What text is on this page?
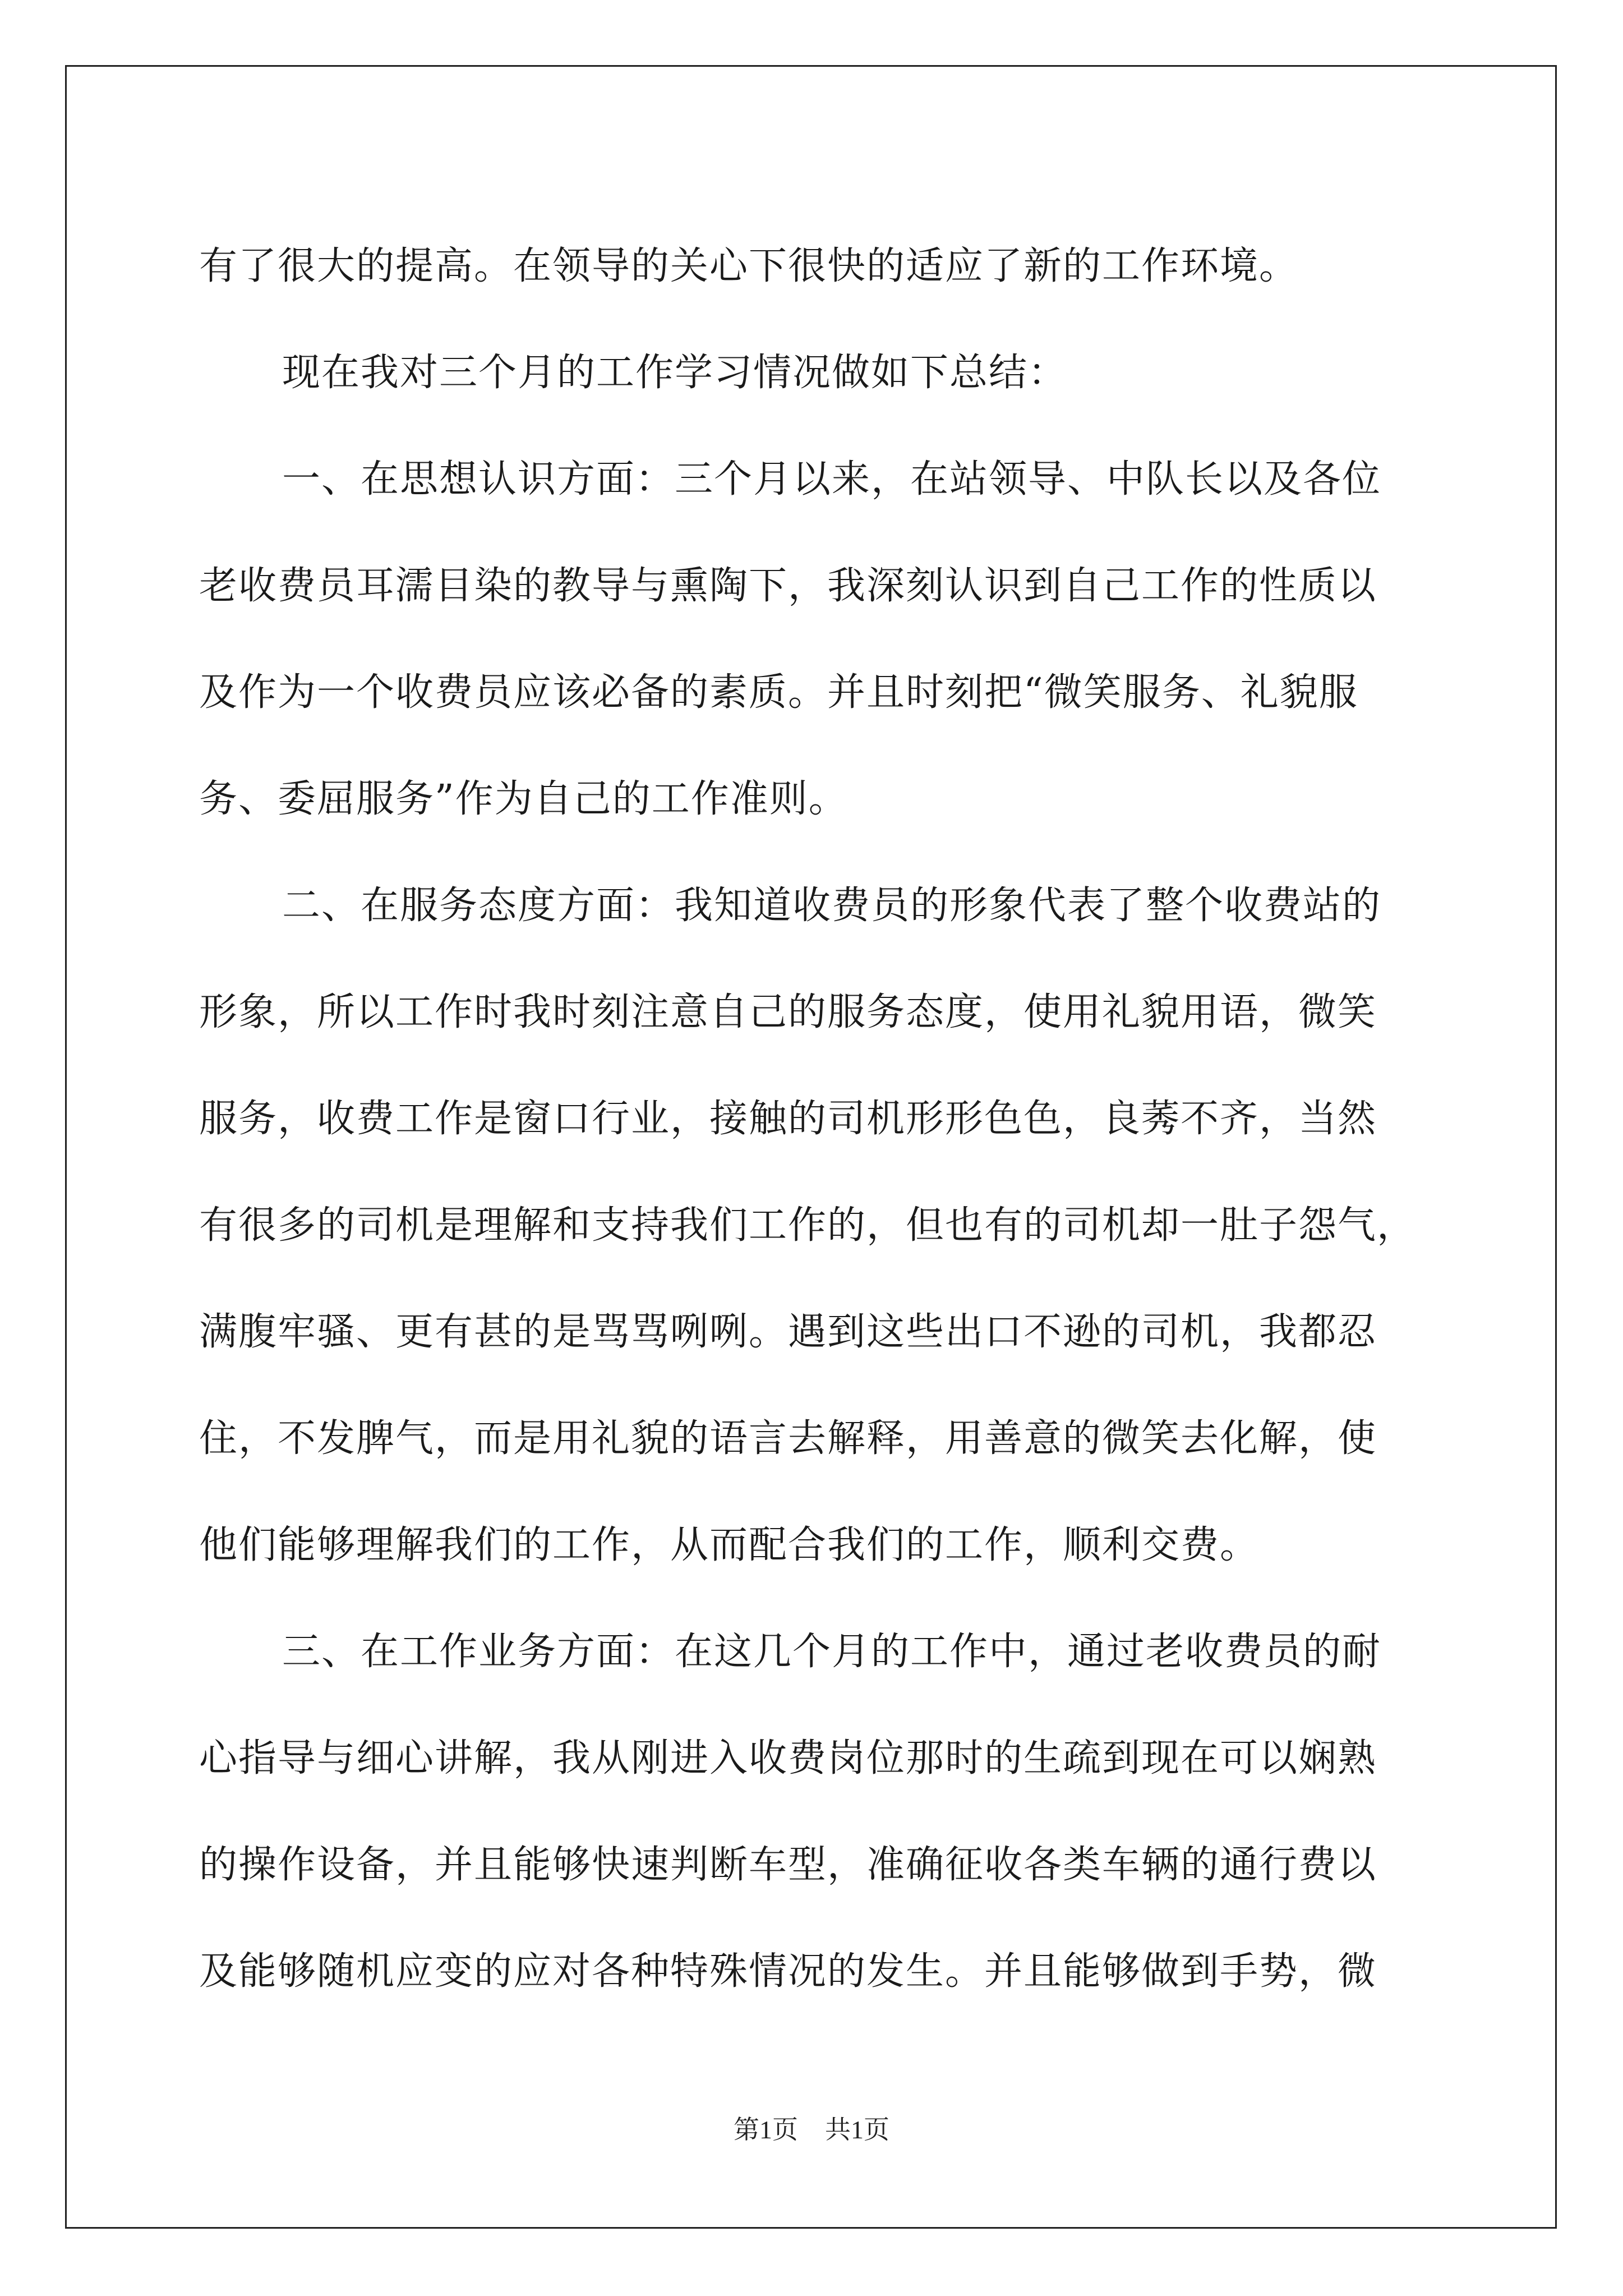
有了很大的提高。在领导的关心下很快的适应了新的工作环境。
现在我对三个月的工作学习情况做如下总结：
一、在思想认识方面：三个月以来，在站领导、中队长以及各位
老收费员耳濡目染的教导与熏陶下，我深刻认识到自己工作的性质以
及作为一个收费员应该必备的素质。并且时刻把“微笑服务、礼貌服
务、委屈服务”作为自己的工作准则。
二、在服务态度方面：我知道收费员的形象代表了整个收费站的
形象，所以工作时我时刻注意自己的服务态度，使用礼貌用语，微笑
服务，收费工作是窗口行业，接触的司机形形色色，良莠不齐，当然
有很多的司机是理解和支持我们工作的，但也有的司机却一肚子怨气，
满腹牢骚、更有甚的是骂骂咧咧。遇到这些出口不逊的司机，我都忍
住，不发脾气，而是用礼貌的语言去解释，用善意的微笑去化解，使
他们能够理解我们的工作，从而配合我们的工作，顺利交费。
三、在工作业务方面：在这几个月的工作中，通过老收费员的耐
心指导与细心讲解，我从刚进入收费岗位那时的生疏到现在可以娴熟
的操作设备，并且能够快速判断车型，准确征收各类车辆的通行费以
及能够随机应变的应对各种特殊情况的发生。并且能够做到手势，微
第1页 共1页
